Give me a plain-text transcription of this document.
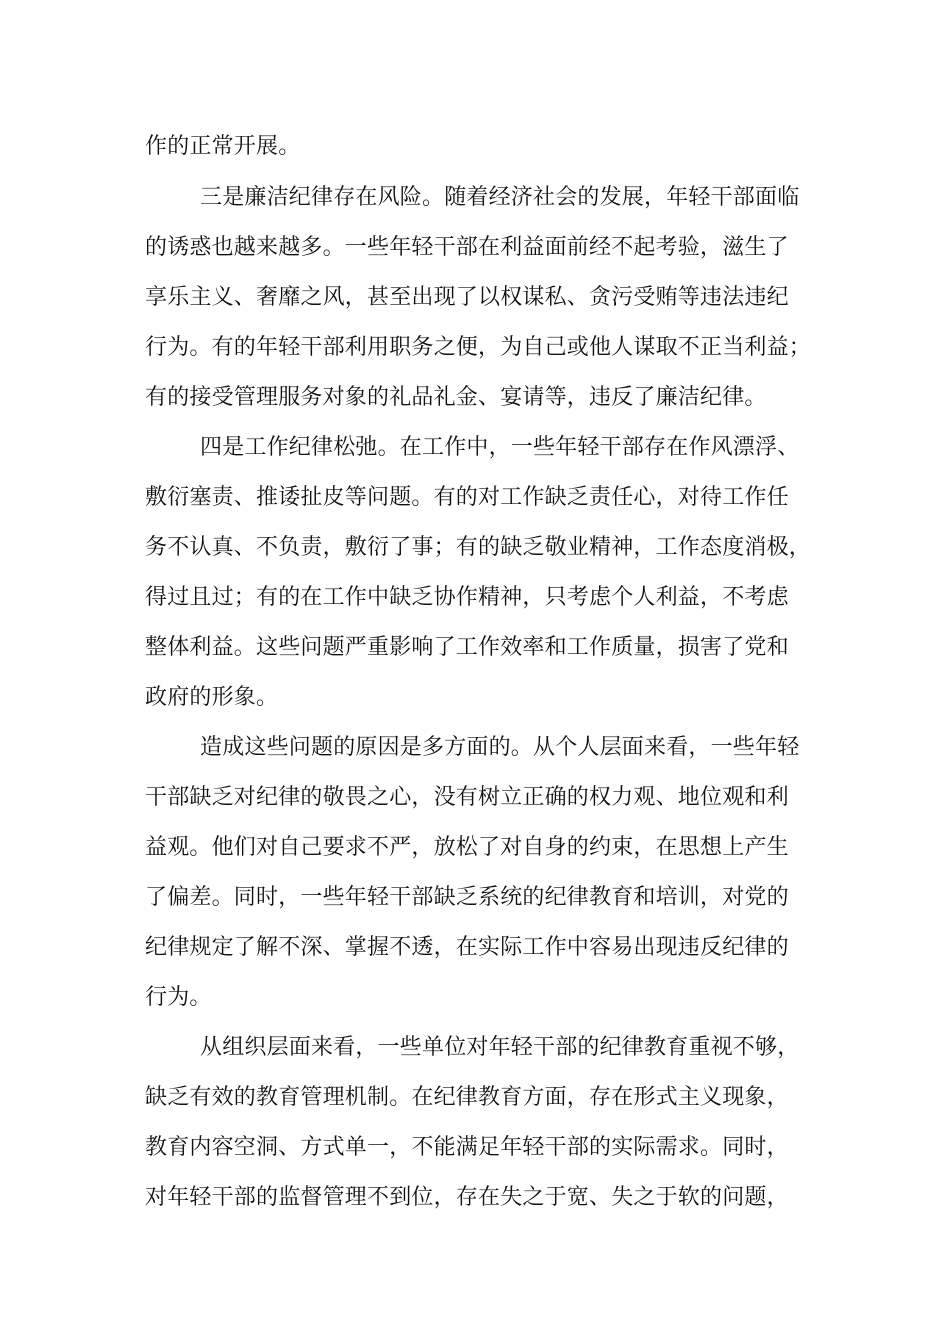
作的正常开展。
三是廉洁纪律存在风险。随着经济社会的发展，年轻干部面临
的诱惑也越来越多。一些年轻干部在利益面前经不起考验，滋生了
享乐主义、奢靡之风，甚至出现了以权谋私、贪污受贿等违法违纪
行为。有的年轻干部利用职务之便，为自己或他人谋取不正当利益；
有的接受管理服务对象的礼品礼金、宴请等，违反了廉洁纪律。
四是工作纪律松弛。在工作中，一些年轻干部存在作风漂浮、
敷衍塞责、推诿扯皮等问题。有的对工作缺乏责任心，对待工作任
务不认真、不负责，敷衍了事；有的缺乏敬业精神，工作态度消极，
得过且过；有的在工作中缺乏协作精神，只考虑个人利益，不考虑
整体利益。这些问题严重影响了工作效率和工作质量，损害了党和
政府的形象。
造成这些问题的原因是多方面的。从个人层面来看，一些年轻
干部缺乏对纪律的敬畏之心，没有树立正确的权力观、地位观和利
益观。他们对自己要求不严，放松了对自身的约束，在思想上产生
了偏差。同时，一些年轻干部缺乏系统的纪律教育和培训，对党的
纪律规定了解不深、掌握不透，在实际工作中容易出现违反纪律的
行为。
从组织层面来看，一些单位对年轻干部的纪律教育重视不够，
缺乏有效的教育管理机制。在纪律教育方面，存在形式主义现象，
教育内容空洞、方式单一，不能满足年轻干部的实际需求。同时，
对年轻干部的监督管理不到位，存在失之于宽、失之于软的问题，
